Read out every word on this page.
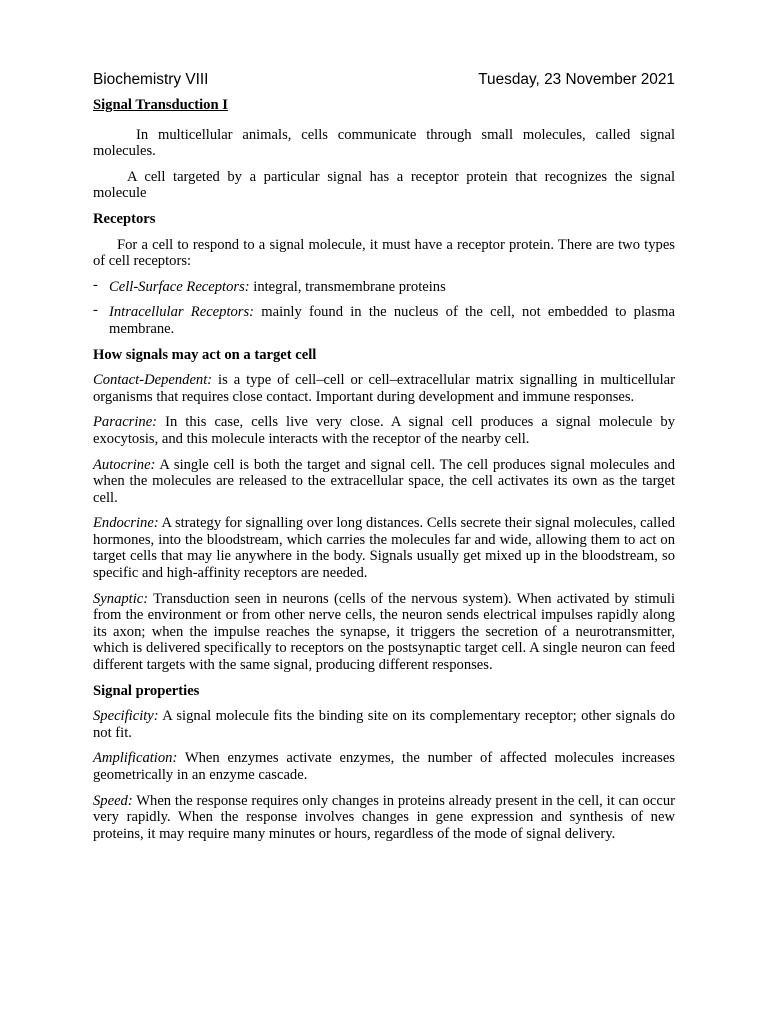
Biochemistry VIII	Tuesday, 23 November 2021
Signal Transduction I

In multicellular animals, cells communicate through small molecules, called signal molecules.

A cell targeted by a particular signal has a receptor protein that recognizes the signal molecule

Receptors

For a cell to respond to a signal molecule, it must have a receptor protein. There are two types of cell receptors:

- Cell-Surface Receptors: integral, transmembrane proteins
- Intracellular Receptors: mainly found in the nucleus of the cell, not embedded to plasma membrane.
How signals may act on a target cell

Contact-Dependent: is a type of cell–cell or cell–extracellular matrix signalling in multicellular organisms that requires close contact. Important during development and immune responses.

Paracrine: In this case, cells live very close. A signal cell produces a signal molecule by exocytosis, and this molecule interacts with the receptor of the nearby cell.

Autocrine: A single cell is both the target and signal cell. The cell produces signal molecules and when the molecules are released to the extracellular space, the cell activates its own as the target cell.

Endocrine: A strategy for signalling over long distances. Cells secrete their signal molecules, called hormones, into the bloodstream, which carries the molecules far and wide, allowing them to act on target cells that may lie anywhere in the body. Signals usually get mixed up in the bloodstream, so specific and high-affinity receptors are needed.

Synaptic: Transduction seen in neurons (cells of the nervous system). When activated by stimuli from the environment or from other nerve cells, the neuron sends electrical impulses rapidly along its axon; when the impulse reaches the synapse, it triggers the secretion of a neurotransmitter, which is delivered specifically to receptors on the postsynaptic target cell. A single neuron can feed different targets with the same signal, producing different responses.

Signal properties

Specificity: A signal molecule fits the binding site on its complementary receptor; other signals do not fit.

Amplification: When enzymes activate enzymes, the number of affected molecules increases geometrically in an enzyme cascade.

Speed: When the response requires only changes in proteins already present in the cell, it can occur very rapidly. When the response involves changes in gene expression and synthesis of new proteins, it may require many minutes or hours, regardless of the mode of signal delivery.
